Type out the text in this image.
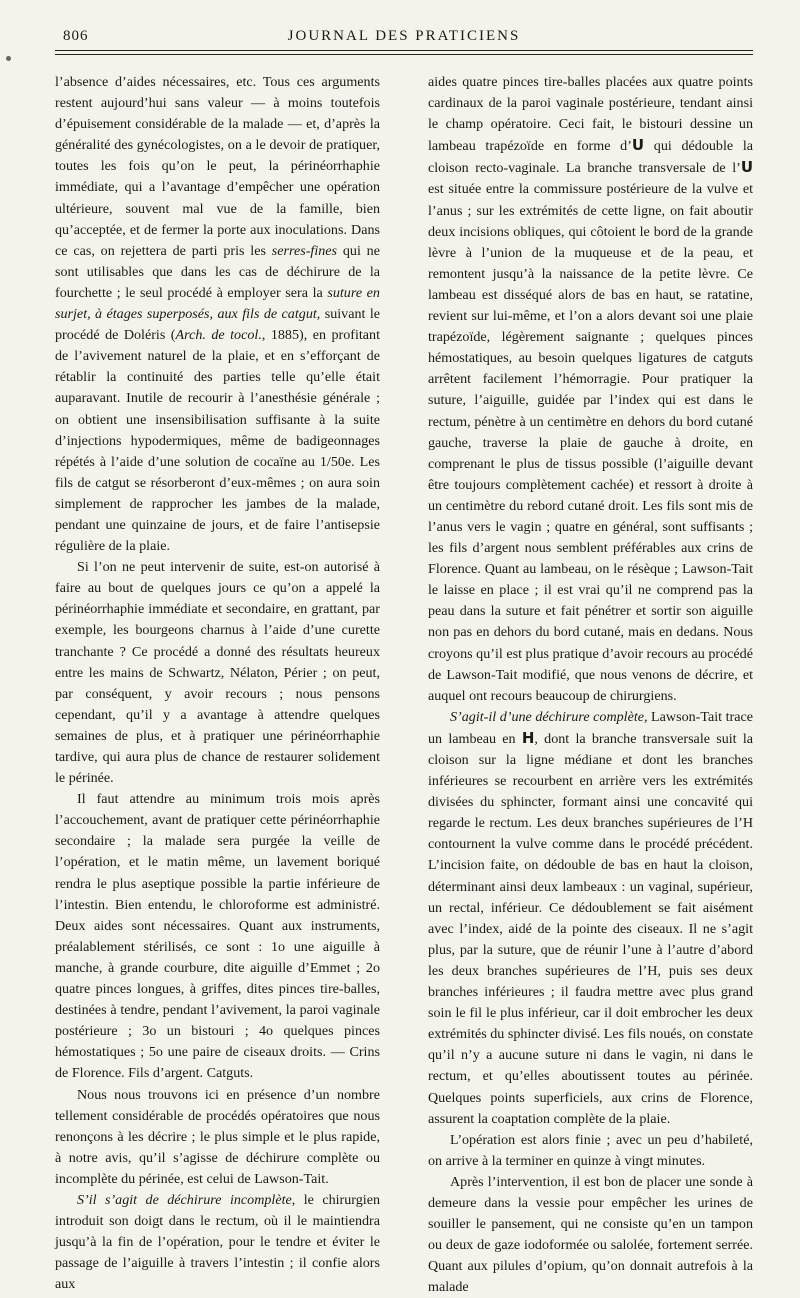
806	JOURNAL DES PRATICIENS

l’absence d’aides nécessaires, etc. Tous ces arguments restent aujourd’hui sans valeur — à moins toutefois d’épuisement considérable de la malade — et, d’après la généralité des gynécologistes, on a le devoir de pratiquer, toutes les fois qu’on le peut, la périnéorrhaphie immédiate, qui a l’avantage d’empêcher une opération ultérieure, souvent mal vue de la famille, bien qu’acceptée, et de fermer la porte aux inoculations. Dans ce cas, on rejettera de parti pris les serres-fines qui ne sont utilisables que dans les cas de déchirure de la fourchette ; le seul procédé à employer sera la suture en surjet, à étages superposés, aux fils de catgut, suivant le procédé de Doléris (Arch. de tocol., 1885), en profitant de l’avivement naturel de la plaie, et en s’efforçant de rétablir la continuité des parties telle qu’elle était auparavant. Inutile de recourir à l’anesthésie générale ; on obtient une insensibilisation suffisante à la suite d’injections hypodermiques, même de badigeonnages répétés à l’aide d’une solution de cocaïne au 1/50e. Les fils de catgut se résorberont d’eux-mêmes ; on aura soin simplement de rapprocher les jambes de la malade, pendant une quinzaine de jours, et de faire l’antisepsie régulière de la plaie.

Si l’on ne peut intervenir de suite, est-on autorisé à faire au bout de quelques jours ce qu’on a appelé la périnéorrhaphie immédiate et secondaire, en grattant, par exemple, les bourgeons charnus à l’aide d’une curette tranchante ? Ce procédé a donné des résultats heureux entre les mains de Schwartz, Nélaton, Périer ; on peut, par conséquent, y avoir recours ; nous pensons cependant, qu’il y a avantage à attendre quelques semaines de plus, et à pratiquer une périnéorrhaphie tardive, qui aura plus de chance de restaurer solidement le périnée.

Il faut attendre au minimum trois mois après l’accouchement, avant de pratiquer cette périnéorrhaphie secondaire ; la malade sera purgée la veille de l’opération, et le matin même, un lavement boriqué rendra le plus aseptique possible la partie inférieure de l’intestin. Bien entendu, le chloroforme est administré. Deux aides sont nécessaires. Quant aux instruments, préalablement stérilisés, ce sont : 1o une aiguille à manche, à grande courbure, dite aiguille d’Emmet ; 2o quatre pinces longues, à griffes, dites pinces tire-balles, destinées à tendre, pendant l’avivement, la paroi vaginale postérieure ; 3o un bistouri ; 4o quelques pinces hémostatiques ; 5o une paire de ciseaux droits. — Crins de Florence. Fils d’argent. Catguts.

Nous nous trouvons ici en présence d’un nombre tellement considérable de procédés opératoires que nous renonçons à les décrire ; le plus simple et le plus rapide, à notre avis, qu’il s’agisse de déchirure complète ou incomplète du périnée, est celui de Lawson-Tait.

S’il s’agit de déchirure incomplète, le chirurgien introduit son doigt dans le rectum, où il le maintiendra jusqu’à la fin de l’opération, pour le tendre et éviter le passage de l’aiguille à travers l’intestin ; il confie alors aux

aides quatre pinces tire-balles placées aux quatre points cardinaux de la paroi vaginale postérieure, tendant ainsi le champ opératoire. Ceci fait, le bistouri dessine un lambeau trapézoïde en forme d’U qui dédouble la cloison recto-vaginale. La branche transversale de l’U est située entre la commissure postérieure de la vulve et l’anus ; sur les extrémités de cette ligne, on fait aboutir deux incisions obliques, qui côtoient le bord de la grande lèvre à l’union de la muqueuse et de la peau, et remontent jusqu’à la naissance de la petite lèvre. Ce lambeau est disséqué alors de bas en haut, se ratatine, revient sur lui-même, et l’on a alors devant soi une plaie trapézoïde, légèrement saignante ; quelques pinces hémostatiques, au besoin quelques ligatures de catguts arrêtent facilement l’hémorragie. Pour pratiquer la suture, l’aiguille, guidée par l’index qui est dans le rectum, pénètre à un centimètre en dehors du bord cutané gauche, traverse la plaie de gauche à droite, en comprenant le plus de tissus possible (l’aiguille devant être toujours complètement cachée) et ressort à droite à un centimètre du rebord cutané droit. Les fils sont mis de l’anus vers le vagin ; quatre en général, sont suffisants ; les fils d’argent nous semblent préférables aux crins de Florence. Quant au lambeau, on le résèque ; Lawson-Tait le laisse en place ; il est vrai qu’il ne comprend pas la peau dans la suture et fait pénétrer et sortir son aiguille non pas en dehors du bord cutané, mais en dedans. Nous croyons qu’il est plus pratique d’avoir recours au procédé de Lawson-Tait modifié, que nous venons de décrire, et auquel ont recours beaucoup de chirurgiens.

S’agit-il d’une déchirure complète, Lawson-Tait trace un lambeau en H, dont la branche transversale suit la cloison sur la ligne médiane et dont les branches inférieures se recourbent en arrière vers les extrémités divisées du sphincter, formant ainsi une concavité qui regarde le rectum. Les deux branches supérieures de l’H contournent la vulve comme dans le procédé précédent. L’incision faite, on dédouble de bas en haut la cloison, déterminant ainsi deux lambeaux : un vaginal, supérieur, un rectal, inférieur. Ce dédoublement se fait aisément avec l’index, aidé de la pointe des ciseaux. Il ne s’agit plus, par la suture, que de réunir l’une à l’autre d’abord les deux branches supérieures de l’H, puis ses deux branches inférieures ; il faudra mettre avec plus grand soin le fil le plus inférieur, car il doit embrocher les deux extrémités du sphincter divisé. Les fils noués, on constate qu’il n’y a aucune suture ni dans le vagin, ni dans le rectum, et qu’elles aboutissent toutes au périnée. Quelques points superficiels, aux crins de Florence, assurent la coaptation complète de la plaie.

L’opération est alors finie ; avec un peu d’habileté, on arrive à la terminer en quinze à vingt minutes.

Après l’intervention, il est bon de placer une sonde à demeure dans la vessie pour empêcher les urines de souiller le pansement, qui ne consiste qu’en un tampon ou deux de gaze iodoformée ou salolée, fortement serrée. Quant aux pilules d’opium, qu’on donnait autrefois à la malade
